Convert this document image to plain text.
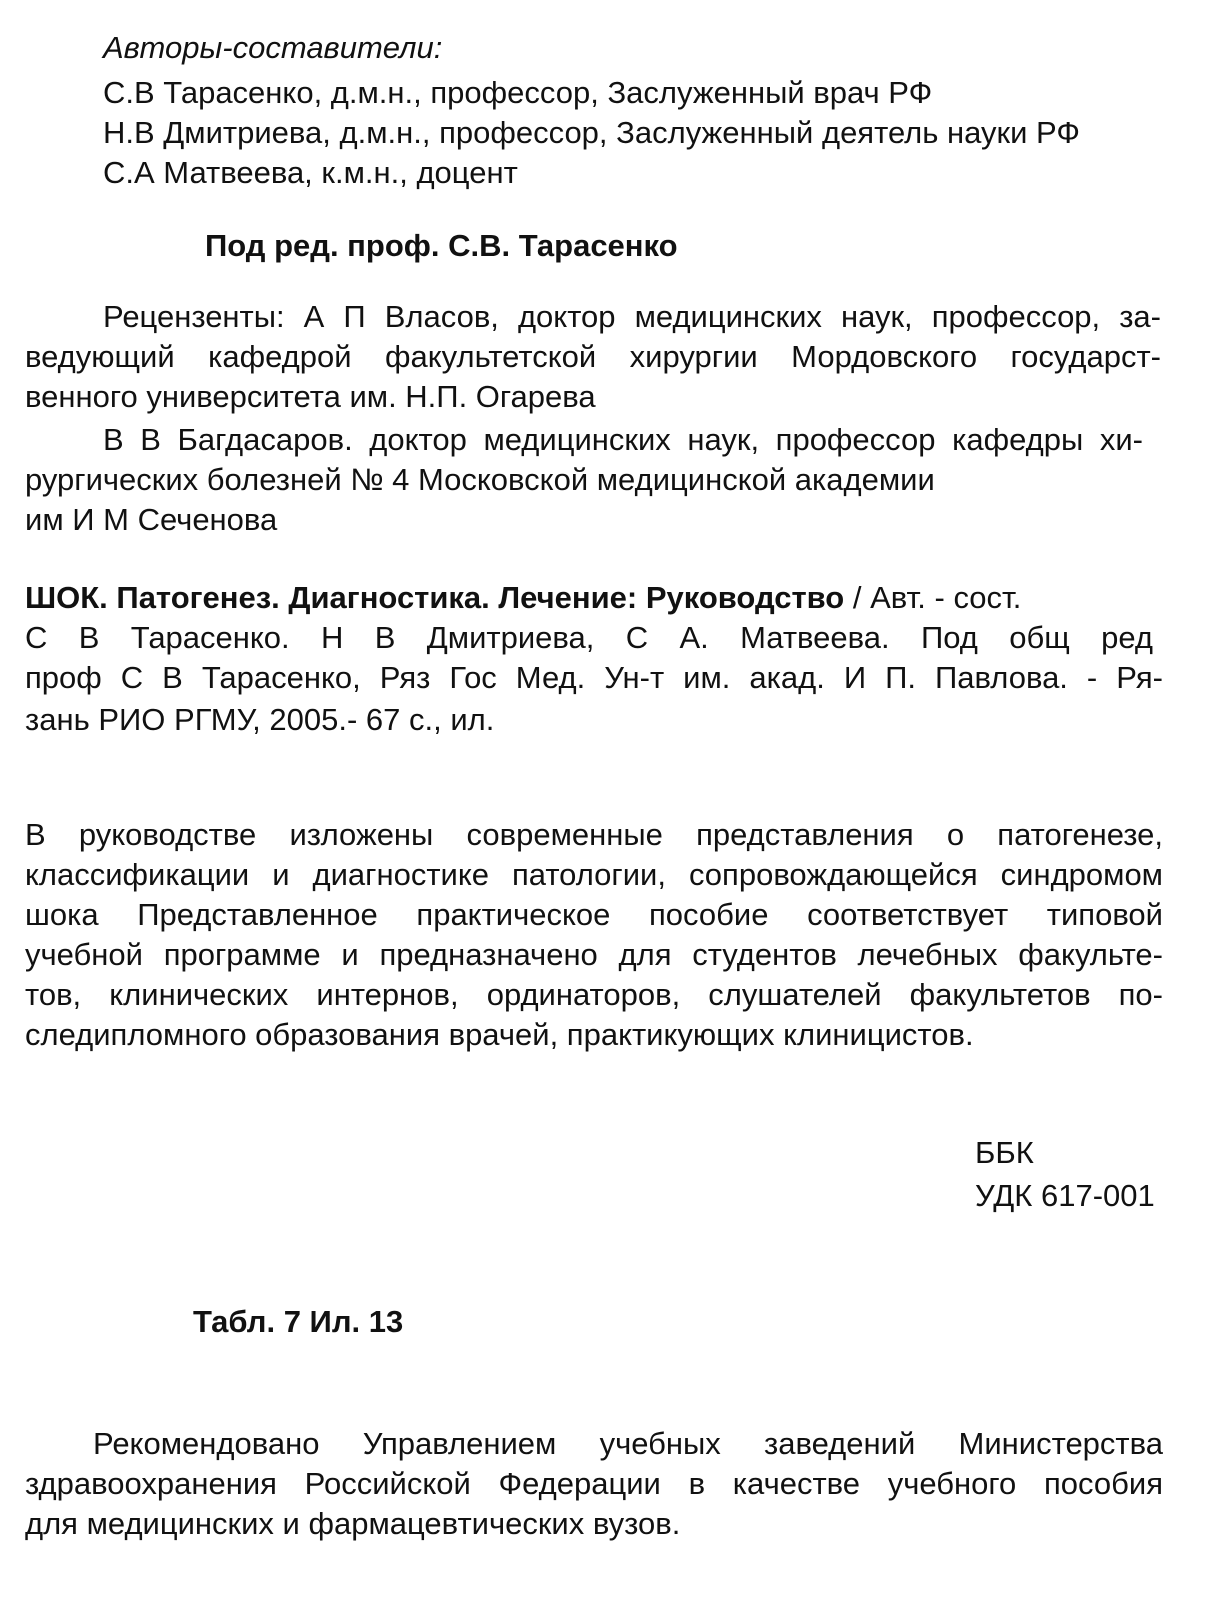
Авторы-составители:
С.В Тарасенко, д.м.н., профессор, Заслуженный врач РФ
Н.В Дмитриева, д.м.н., профессор, Заслуженный деятель науки РФ
С.А Матвеева, к.м.н., доцент
Под ред. проф. С.В. Тарасенко
Рецензенты: А П Власов, доктор медицинских наук, профессор, за-
ведующий кафедрой факультетской хирургии Мордовского государст-
венного университета им. Н.П. Огарева
В В Багдасаров. доктор медицинских наук, профессор кафедры хи-
рургических болезней № 4 Московской медицинской академии
им И М Сеченова
ШОК. Патогенез. Диагностика. Лечение: Руководство / Авт. - сост.
С В Тарасенко. Н В Дмитриева, С А. Матвеева. Под общ ред
проф С В Тарасенко, Ряз Гос Мед. Ун-т им. акад. И П. Павлова. - Ря-
зань РИО РГМУ, 2005.- 67 с., ил.
В руководстве изложены современные представления о патогенезе,
классификации и диагностике патологии, сопровождающейся синдромом
шока Представленное практическое пособие соответствует типовой
учебной программе и предназначено для студентов лечебных факульте-
тов, клинических интернов, ординаторов, слушателей факультетов по-
следипломного образования врачей, практикующих клиницистов.
ББК
УДК 617-001
Табл. 7 Ил. 13
Рекомендовано Управлением учебных заведений Министерства
здравоохранения Российской Федерации в качестве учебного пособия
для медицинских и фармацевтических вузов.
